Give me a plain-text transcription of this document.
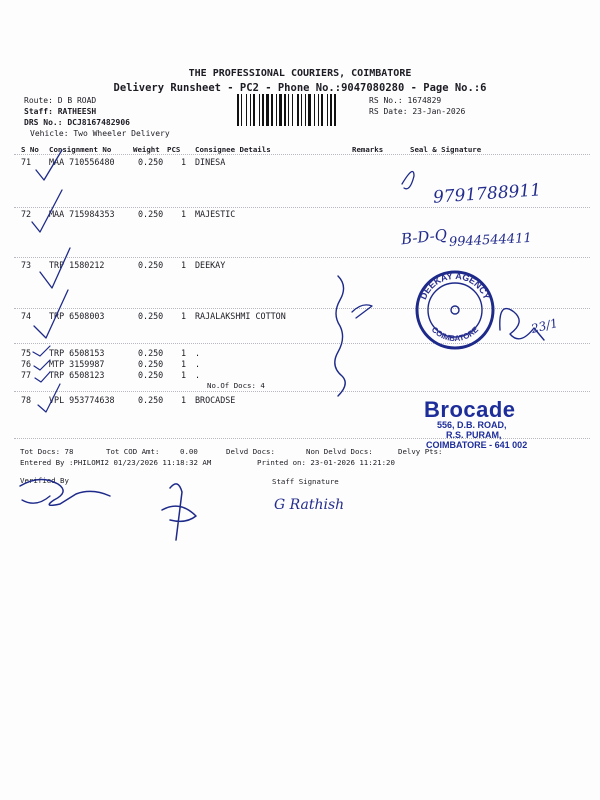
THE PROFESSIONAL COURIERS, COIMBATORE
Delivery Runsheet - PC2 - Phone No.:9047080280 - Page No.:6
Route: D B ROAD
Staff: RATHEESH
DRS No.: DCJ8167482906
Vehicle: Two Wheeler Delivery
RS No.: 1674829
RS Date: 23-Jan-2026
S No Consignment No	Weight PCS Consignee Details	Remarks	Seal & Signature
71 MAA 710556480	0.250 1 DINESA
72 MAA 715984353	0.250 1 MAJESTIC
73 TRP 1580212	0.250 1 DEEKAY
74 TRP 6508003	0.250 1 RAJALAKSHMI COTTON
75 TRP 6508153	0.250 1 .
76 MTP 3159987	0.250 1 .
77 TRP 6508123	0.250 1 .
No.Of Docs: 4
78 VPL 953774638	0.250 1 BROCADSE
Tot Docs: 78	Tot COD Amt:	0.00	Delvd Docs:	Non Delvd Docs:	Delvy Pts:
Entered By :PHILOMI2 01/23/2026 11:18:32 AM	Printed on: 23-01-2026 11:21:20
Verified By	Staff Signature
Brocade
556, D.B. ROAD,
R.S. PURAM,
COIMBATORE - 641 002
9791788911
B-D-Q 9944544411
G Rathish
23/1
DEEKAY AGENCY
COIMBATORE
